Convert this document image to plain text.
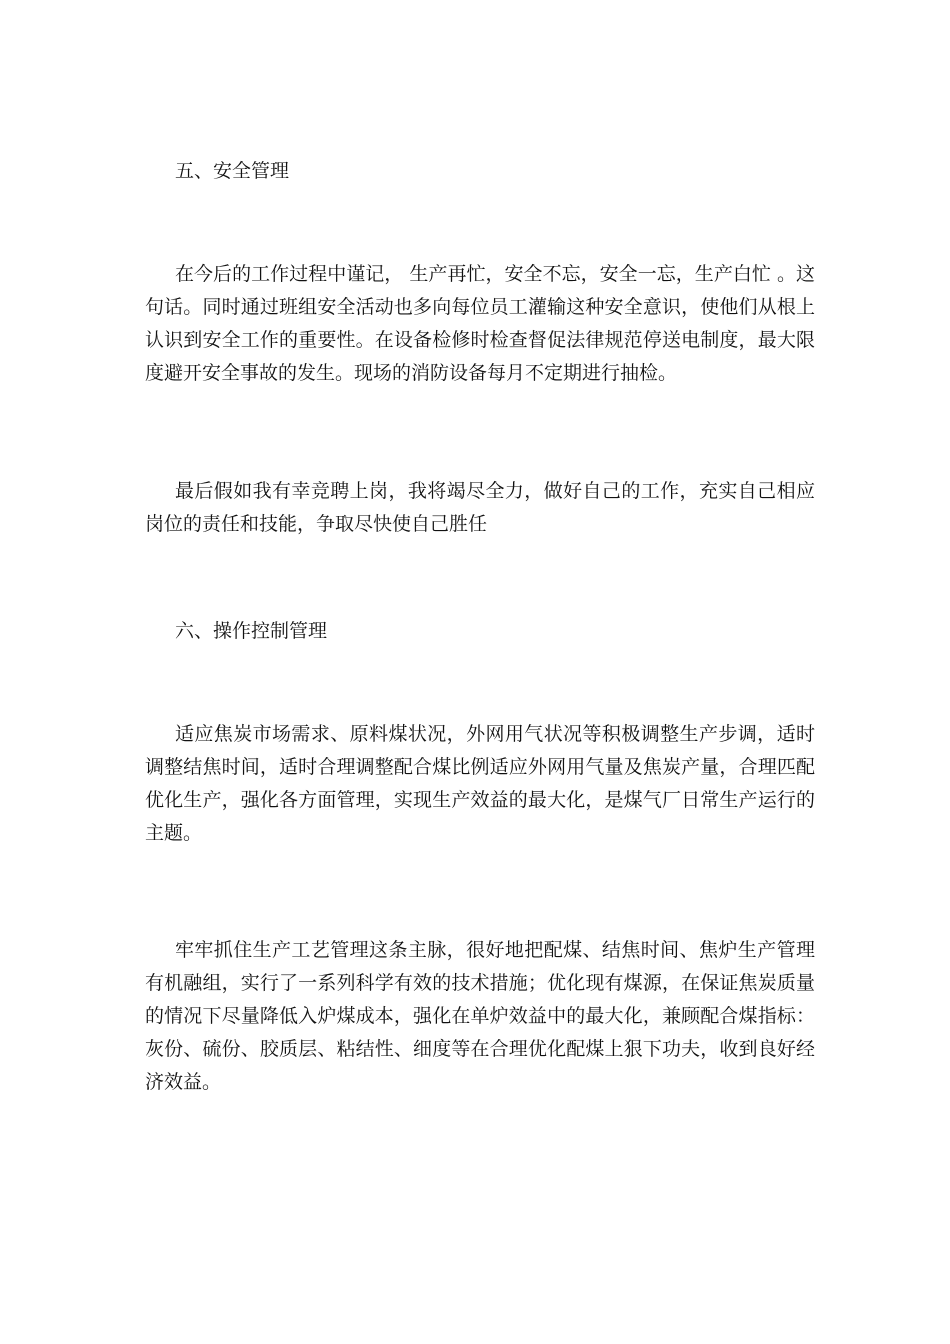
五、安全管理

在今后的工作过程中谨记， 生产再忙，安全不忘，安全一忘，生产白忙 。这句话。同时通过班组安全活动也多向每位员工灌输这种安全意识，使他们从根上认识到安全工作的重要性。在设备检修时检查督促法律规范停送电制度，最大限度避开安全事故的发生。现场的消防设备每月不定期进行抽检。

最后假如我有幸竞聘上岗，我将竭尽全力，做好自己的工作，充实自己相应岗位的责任和技能，争取尽快使自己胜任

六、操作控制管理

适应焦炭市场需求、原料煤状况，外网用气状况等积极调整生产步调，适时调整结焦时间，适时合理调整配合煤比例适应外网用气量及焦炭产量，合理匹配优化生产，强化各方面管理，实现生产效益的最大化，是煤气厂日常生产运行的主题。

牢牢抓住生产工艺管理这条主脉，很好地把配煤、结焦时间、焦炉生产管理有机融组，实行了一系列科学有效的技术措施；优化现有煤源，在保证焦炭质量的情况下尽量降低入炉煤成本，强化在单炉效益中的最大化，兼顾配合煤指标：灰份、硫份、胶质层、粘结性、细度等在合理优化配煤上狠下功夫，收到良好经济效益。
